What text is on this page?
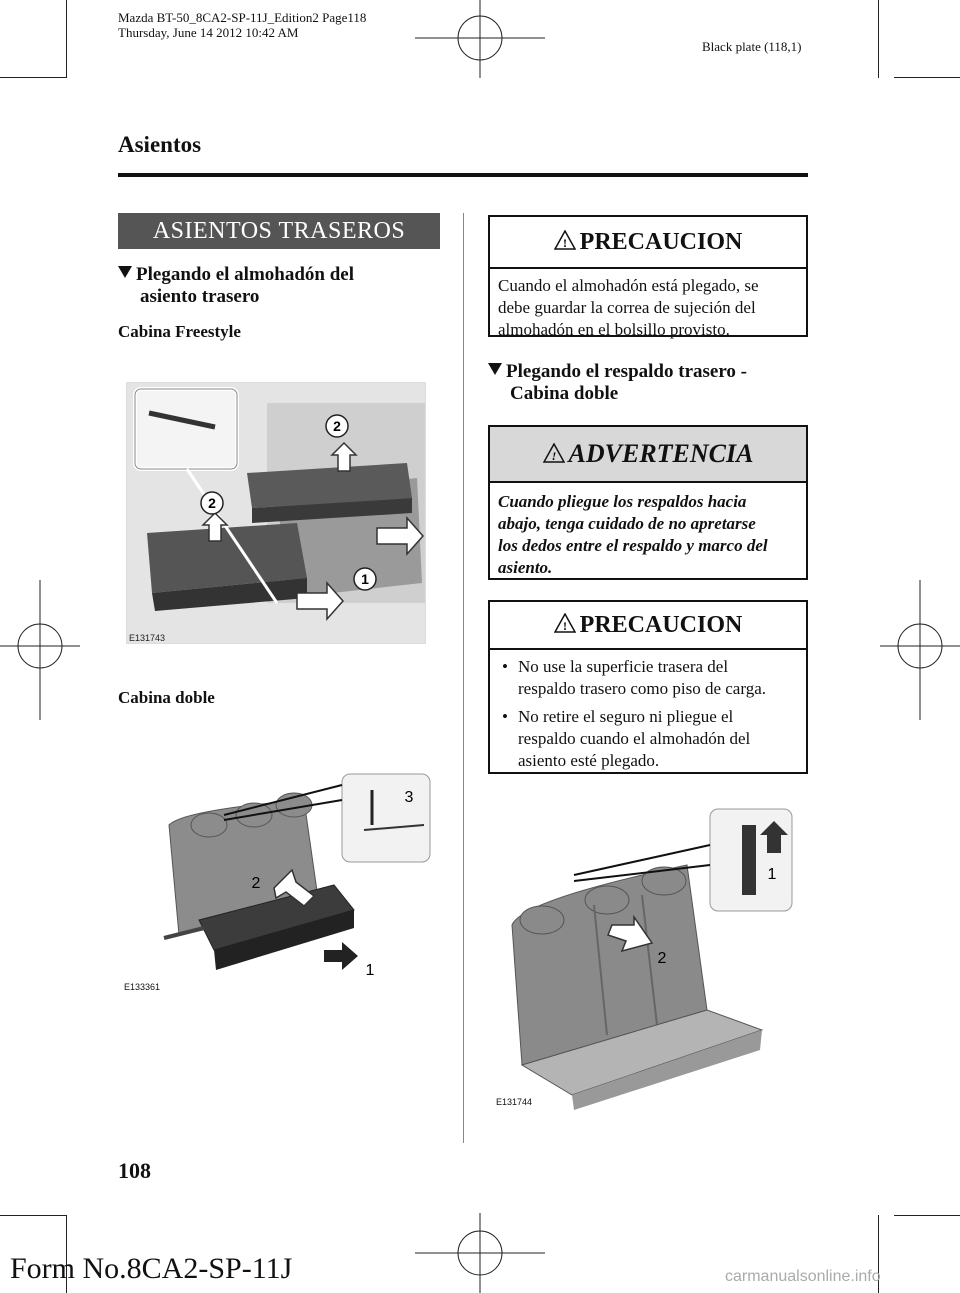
Mazda BT-50_8CA2-SP-11J_Edition2 Page118
Thursday, June 14 2012 10:42 AM
Black plate (118,1)
Asientos
ASIENTOS TRASEROS
Plegando el almohadón del
asiento trasero
Cabina Freestyle
2
2
1
E131743
Cabina doble
3
2
1
E133361
! PRECAUCION
Cuando el almohadón está plegado, se
debe guardar la correa de sujeción del
almohadón en el bolsillo provisto.
Plegando el respaldo trasero -
Cabina doble
! ADVERTENCIA
Cuando pliegue los respaldos hacia
abajo, tenga cuidado de no apretarse
los dedos entre el respaldo y marco del
asiento.
! PRECAUCION
• No use la superficie trasera del
respaldo trasero como piso de carga.
• No retire el seguro ni pliegue el
respaldo cuando el almohadón del
asiento esté plegado.
1
2
E131744
108
Form No.8CA2-SP-11J	carmanualsonline.info
